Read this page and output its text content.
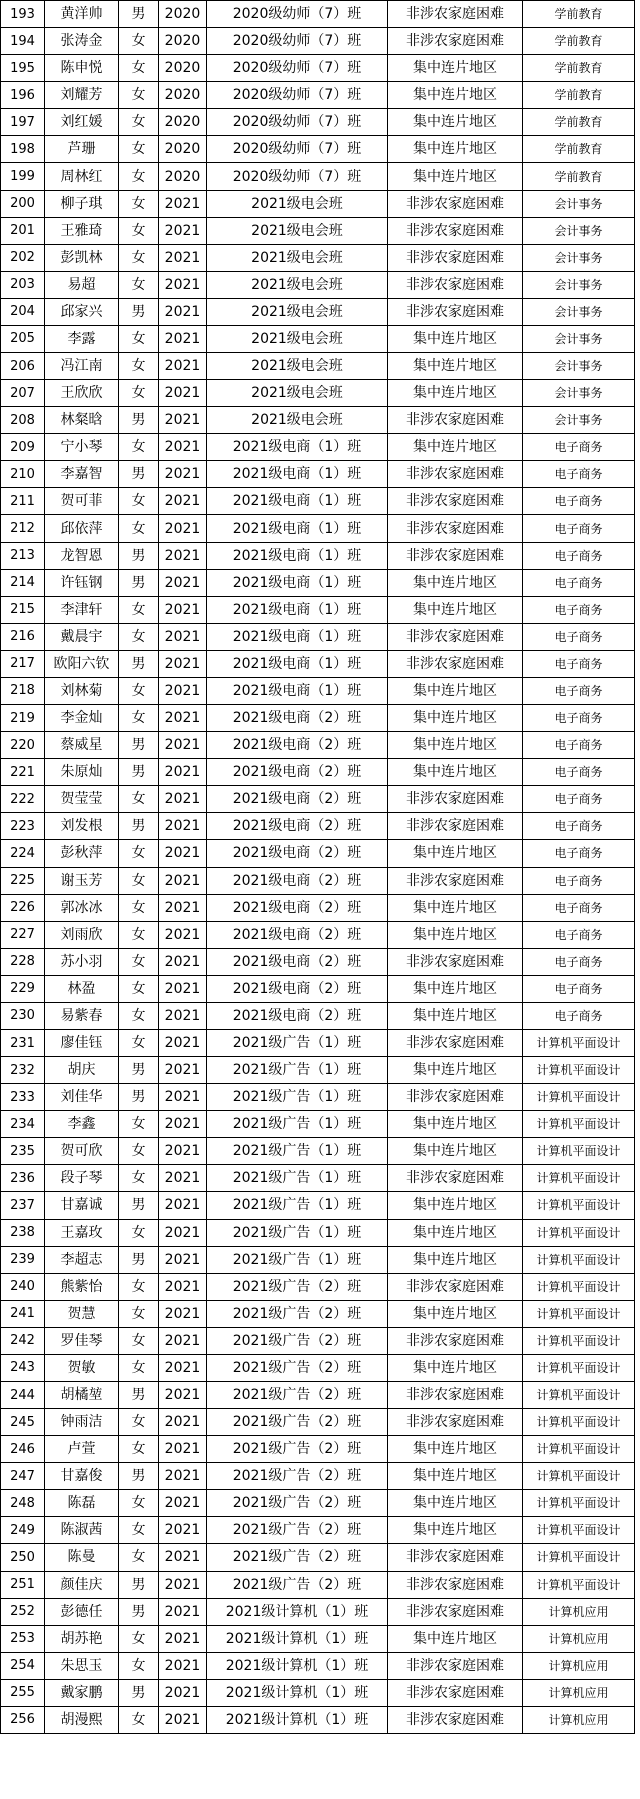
193	黄洋帅	男	2020	2020级幼师（7）班	非涉农家庭困难	学前教育
194	张涛金	女	2020	2020级幼师（7）班	非涉农家庭困难	学前教育
195	陈申悦	女	2020	2020级幼师（7）班	集中连片地区	学前教育
196	刘耀芳	女	2020	2020级幼师（7）班	集中连片地区	学前教育
197	刘红媛	女	2020	2020级幼师（7）班	集中连片地区	学前教育
198	芦珊	女	2020	2020级幼师（7）班	集中连片地区	学前教育
199	周林红	女	2020	2020级幼师（7）班	集中连片地区	学前教育
200	柳子琪	女	2021	2021级电会班	非涉农家庭困难	会计事务
201	王雅琦	女	2021	2021级电会班	非涉农家庭困难	会计事务
202	彭凯林	女	2021	2021级电会班	非涉农家庭困难	会计事务
203	易超	女	2021	2021级电会班	非涉农家庭困难	会计事务
204	邱家兴	男	2021	2021级电会班	非涉农家庭困难	会计事务
205	李露	女	2021	2021级电会班	集中连片地区	会计事务
206	冯江南	女	2021	2021级电会班	集中连片地区	会计事务
207	王欣欣	女	2021	2021级电会班	集中连片地区	会计事务
208	林粲晗	男	2021	2021级电会班	非涉农家庭困难	会计事务
209	宁小琴	女	2021	2021级电商（1）班	集中连片地区	电子商务
210	李嘉智	男	2021	2021级电商（1）班	非涉农家庭困难	电子商务
211	贺可菲	女	2021	2021级电商（1）班	非涉农家庭困难	电子商务
212	邱依萍	女	2021	2021级电商（1）班	非涉农家庭困难	电子商务
213	龙智恩	男	2021	2021级电商（1）班	非涉农家庭困难	电子商务
214	许钰钢	男	2021	2021级电商（1）班	集中连片地区	电子商务
215	李津轩	女	2021	2021级电商（1）班	集中连片地区	电子商务
216	戴晨宇	女	2021	2021级电商（1）班	非涉农家庭困难	电子商务
217	欧阳六钦	男	2021	2021级电商（1）班	非涉农家庭困难	电子商务
218	刘林菊	女	2021	2021级电商（1）班	集中连片地区	电子商务
219	李金灿	女	2021	2021级电商（2）班	集中连片地区	电子商务
220	蔡威星	男	2021	2021级电商（2）班	集中连片地区	电子商务
221	朱原灿	男	2021	2021级电商（2）班	集中连片地区	电子商务
222	贺莹莹	女	2021	2021级电商（2）班	非涉农家庭困难	电子商务
223	刘发根	男	2021	2021级电商（2）班	非涉农家庭困难	电子商务
224	彭秋萍	女	2021	2021级电商（2）班	集中连片地区	电子商务
225	谢玉芳	女	2021	2021级电商（2）班	非涉农家庭困难	电子商务
226	郭冰冰	女	2021	2021级电商（2）班	集中连片地区	电子商务
227	刘雨欣	女	2021	2021级电商（2）班	集中连片地区	电子商务
228	苏小羽	女	2021	2021级电商（2）班	非涉农家庭困难	电子商务
229	林盈	女	2021	2021级电商（2）班	集中连片地区	电子商务
230	易紫春	女	2021	2021级电商（2）班	集中连片地区	电子商务
231	廖佳钰	女	2021	2021级广告（1）班	非涉农家庭困难	计算机平面设计
232	胡庆	男	2021	2021级广告（1）班	集中连片地区	计算机平面设计
233	刘佳华	男	2021	2021级广告（1）班	非涉农家庭困难	计算机平面设计
234	李鑫	女	2021	2021级广告（1）班	集中连片地区	计算机平面设计
235	贺可欣	女	2021	2021级广告（1）班	集中连片地区	计算机平面设计
236	段子琴	女	2021	2021级广告（1）班	非涉农家庭困难	计算机平面设计
237	甘嘉诚	男	2021	2021级广告（1）班	集中连片地区	计算机平面设计
238	王嘉玫	女	2021	2021级广告（1）班	集中连片地区	计算机平面设计
239	李超志	男	2021	2021级广告（1）班	集中连片地区	计算机平面设计
240	熊紫怡	女	2021	2021级广告（2）班	非涉农家庭困难	计算机平面设计
241	贺慧	女	2021	2021级广告（2）班	集中连片地区	计算机平面设计
242	罗佳琴	女	2021	2021级广告（2）班	非涉农家庭困难	计算机平面设计
243	贺敏	女	2021	2021级广告（2）班	集中连片地区	计算机平面设计
244	胡橘堃	男	2021	2021级广告（2）班	非涉农家庭困难	计算机平面设计
245	钟雨洁	女	2021	2021级广告（2）班	非涉农家庭困难	计算机平面设计
246	卢萱	女	2021	2021级广告（2）班	集中连片地区	计算机平面设计
247	甘嘉俊	男	2021	2021级广告（2）班	集中连片地区	计算机平面设计
248	陈磊	女	2021	2021级广告（2）班	集中连片地区	计算机平面设计
249	陈淑茜	女	2021	2021级广告（2）班	集中连片地区	计算机平面设计
250	陈曼	女	2021	2021级广告（2）班	非涉农家庭困难	计算机平面设计
251	颜佳庆	男	2021	2021级广告（2）班	非涉农家庭困难	计算机平面设计
252	彭德任	男	2021	2021级计算机（1）班	非涉农家庭困难	计算机应用
253	胡苏艳	女	2021	2021级计算机（1）班	集中连片地区	计算机应用
254	朱思玉	女	2021	2021级计算机（1）班	非涉农家庭困难	计算机应用
255	戴家鹏	男	2021	2021级计算机（1）班	非涉农家庭困难	计算机应用
256	胡漫熙	女	2021	2021级计算机（1）班	非涉农家庭困难	计算机应用
